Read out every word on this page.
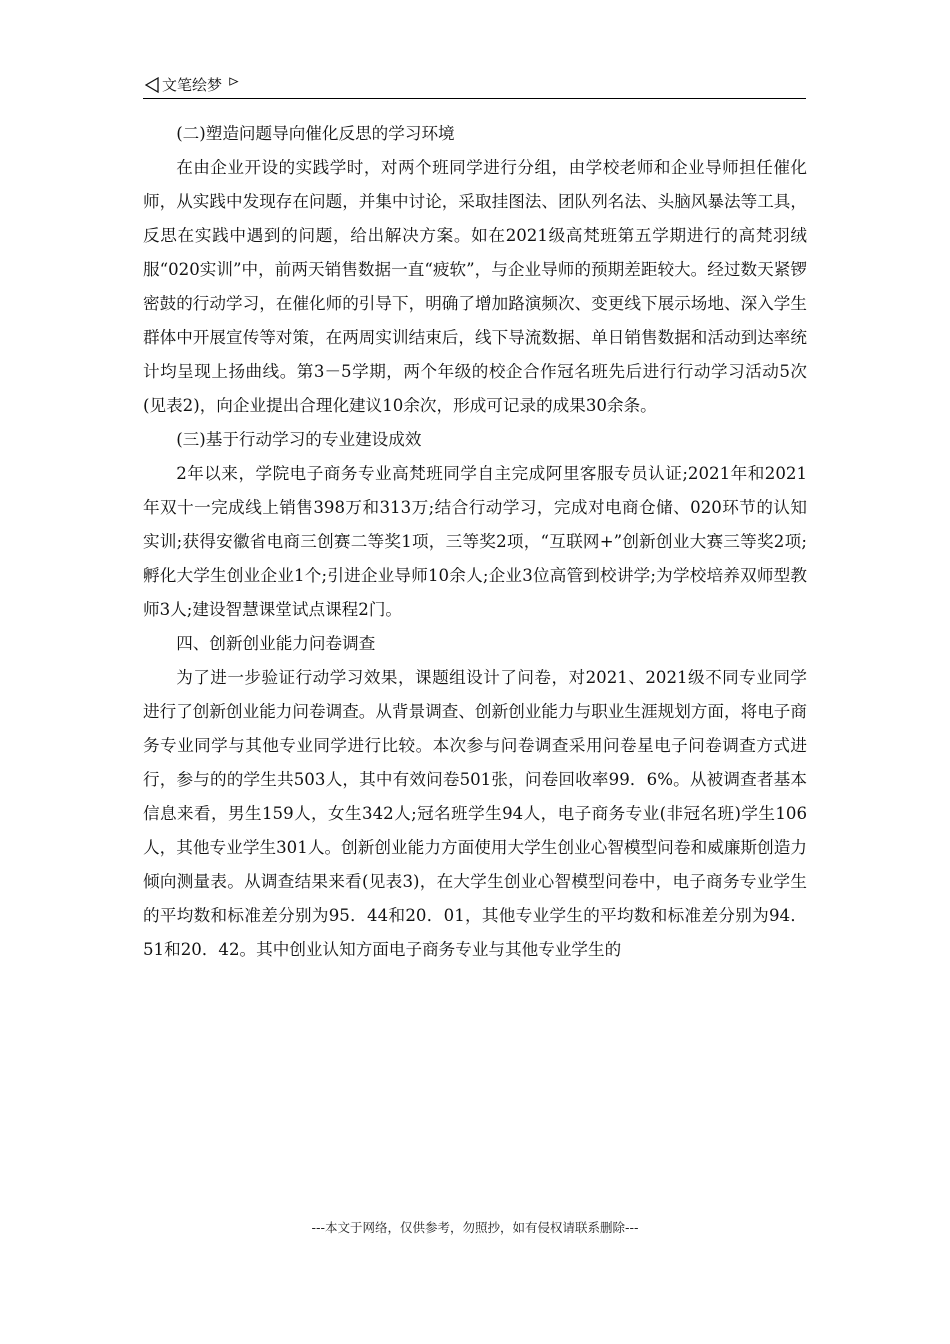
文笔绘梦

(二)塑造问题导向催化反思的学习环境

在由企业开设的实践学时，对两个班同学进行分组，由学校老师和企业导师担任催化师，从实践中发现存在问题，并集中讨论，采取挂图法、团队列名法、头脑风暴法等工具，反思在实践中遇到的问题，给出解决方案。如在2021级高梵班第五学期进行的高梵羽绒服“020实训”中，前两天销售数据一直“疲软”，与企业导师的预期差距较大。经过数天紧锣密鼓的行动学习，在催化师的引导下，明确了增加路演频次、变更线下展示场地、深入学生群体中开展宣传等对策，在两周实训结束后，线下导流数据、单日销售数据和活动到达率统计均呈现上扬曲线。第3－5学期，两个年级的校企合作冠名班先后进行行动学习活动5次(见表2)，向企业提出合理化建议10余次，形成可记录的成果30余条。

(三)基于行动学习的专业建设成效

2年以来，学院电子商务专业高梵班同学自主完成阿里客服专员认证;2021年和2021年双十一完成线上销售398万和313万;结合行动学习，完成对电商仓储、020环节的认知实训;获得安徽省电商三创赛二等奖1项，三等奖2项，“互联网+”创新创业大赛三等奖2项;孵化大学生创业企业1个;引进企业导师10余人;企业3位高管到校讲学;为学校培养双师型教师3人;建设智慧课堂试点课程2门。

四、创新创业能力问卷调查

为了进一步验证行动学习效果，课题组设计了问卷，对2021、2021级不同专业同学进行了创新创业能力问卷调查。从背景调查、创新创业能力与职业生涯规划方面，将电子商务专业同学与其他专业同学进行比较。本次参与问卷调查采用问卷星电子问卷调查方式进行，参与的的学生共503人，其中有效问卷501张，问卷回收率99．6%。从被调查者基本信息来看，男生159人，女生342人;冠名班学生94人，电子商务专业(非冠名班)学生106人，其他专业学生301人。创新创业能力方面使用大学生创业心智模型问卷和威廉斯创造力倾向测量表。从调查结果来看(见表3)，在大学生创业心智模型问卷中，电子商务专业学生的平均数和标准差分别为95．44和20．01，其他专业学生的平均数和标准差分别为94．51和20．42。其中创业认知方面电子商务专业与其他专业学生的

---本文于网络，仅供参考，勿照抄，如有侵权请联系删除---
